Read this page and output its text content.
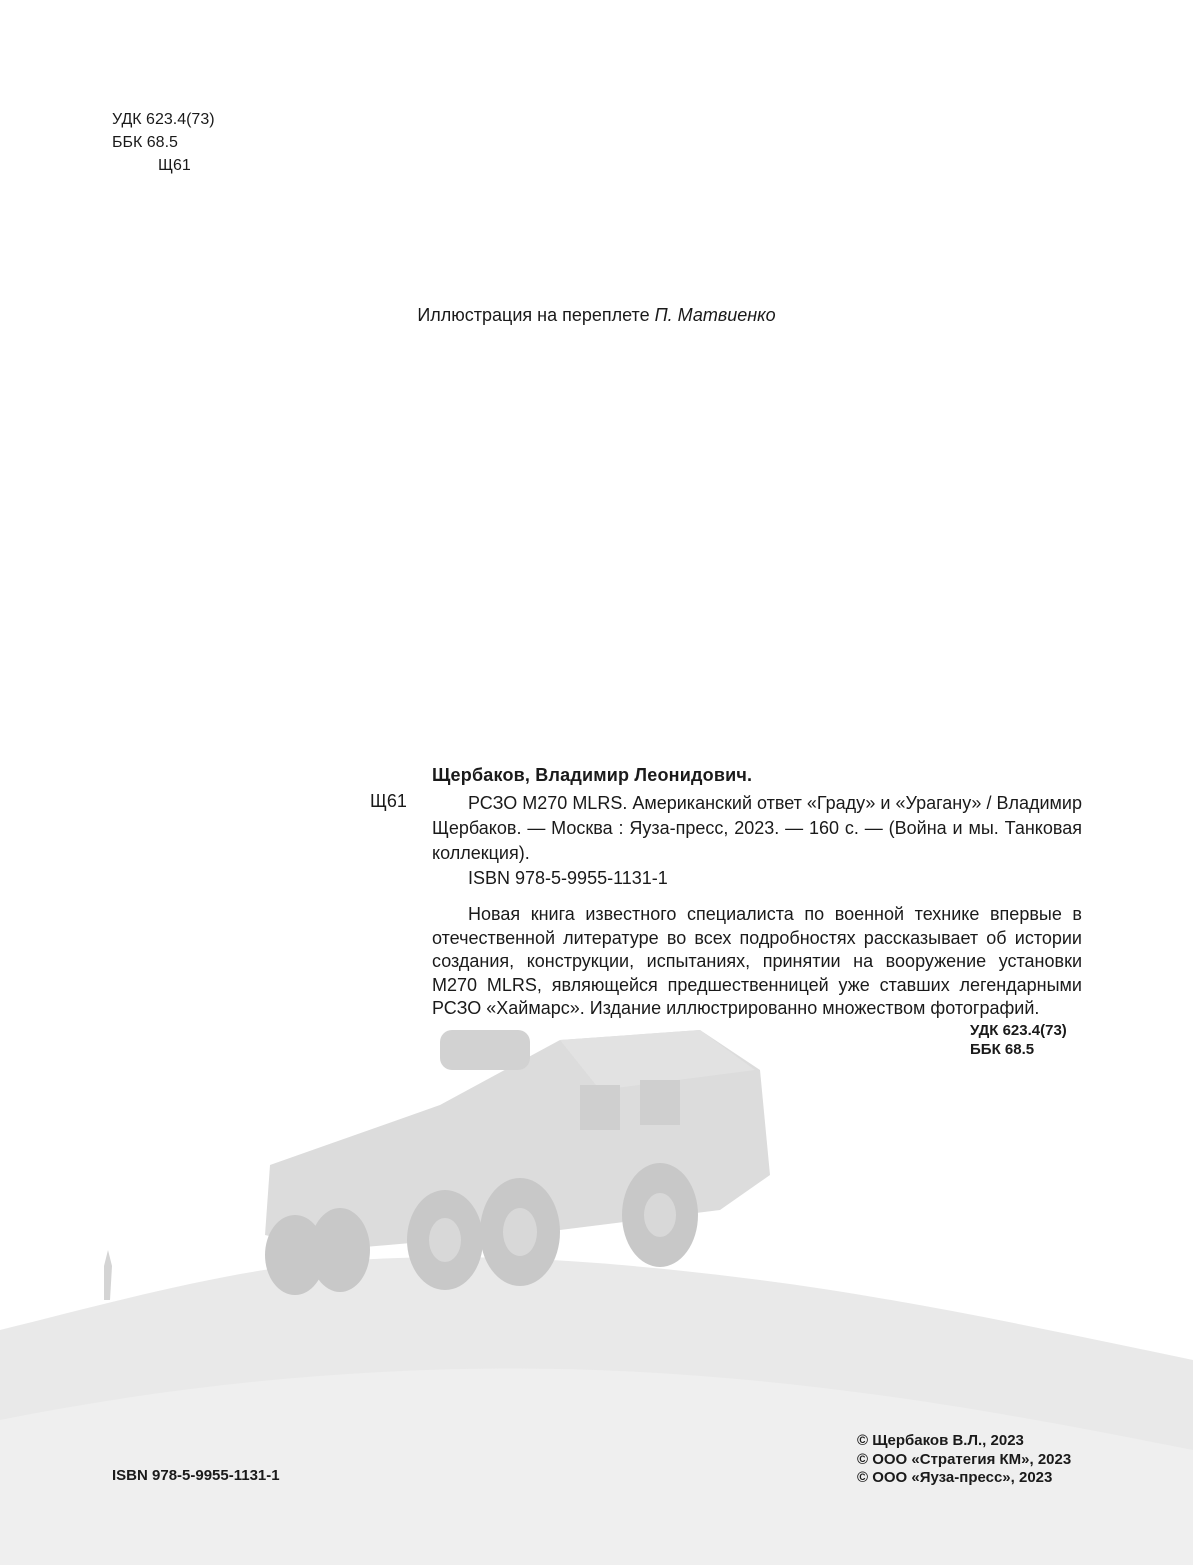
УДК 623.4(73)
ББК 68.5
Щ61
Иллюстрация на переплете П. Матвиенко
Щербаков, Владимир Леонидович.
Щ61	РСЗО M270 MLRS. Американский ответ «Граду» и «Урагану» / Владимир Щербаков. — Москва : Яуза-пресс, 2023. — 160 с. — (Война и мы. Танковая коллекция).
ISBN 978-5-9955-1131-1
Новая книга известного специалиста по военной технике впервые в отечественной литературе во всех подробностях рассказывает об истории создания, конструкции, испытаниях, принятии на вооружение установки M270 MLRS, являющейся предшественницей уже ставших легендарными РСЗО «Хаймарс». Издание иллюстрированно множеством фотографий.
УДК 623.4(73)
ББК 68.5
ISBN 978-5-9955-1131-1
© Щербаков В.Л., 2023
© ООО «Стратегия КМ», 2023
© ООО «Яуза-пресс», 2023
